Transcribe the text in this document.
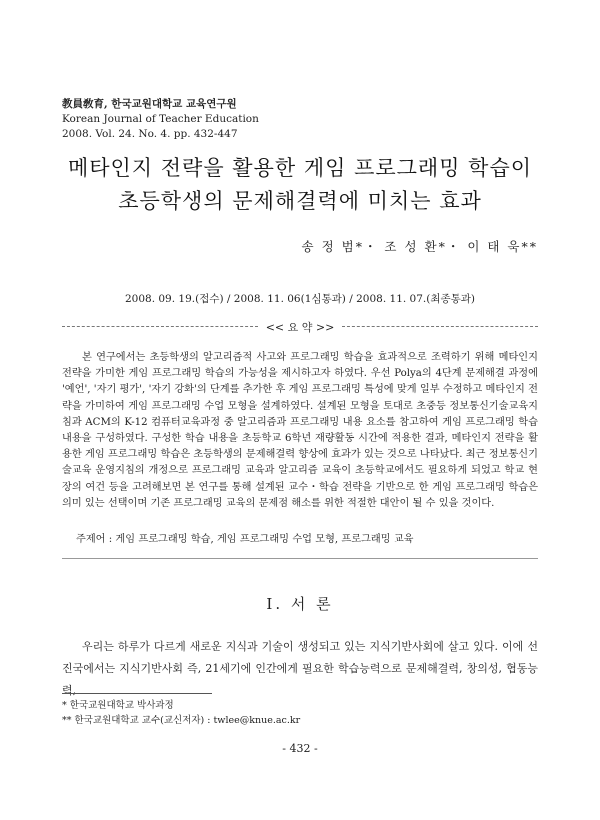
教員敎育, 한국교원대학교 교육연구원
Korean Journal of Teacher Education
2008. Vol. 24. No. 4. pp. 432-447
메타인지 전략을 활용한 게임 프로그래밍 학습이
초등학생의 문제해결력에 미치는 효과
송 정 범*・ 조 성 환*・ 이 태 욱**
2008. 09. 19.(접수) / 2008. 11. 06(1심통과) / 2008. 11. 07.(최종통과)
<< 요 약 >>

본 연구에서는 초등학생의 알고리즘적 사고와 프로그래밍 학습을 효과적으로 조력하기 위해 메타인지 전략을 가미한 게임 프로그래밍 학습의 가능성을 제시하고자 하였다. 우선 Polya의 4단계 문제해결 과정에 '예언', '자기 평가', '자기 강화'의 단계를 추가한 후 게임 프로그래밍 특성에 맞게 일부 수정하고 메타인지 전략을 가미하여 게임 프로그래밍 수업 모형을 설계하였다. 설계된 모형을 토대로 초중등 정보통신기술교육지침과 ACM의 K-12 컴퓨터교육과정 중 알고리즘과 프로그래밍 내용 요소를 참고하여 게임 프로그래밍 학습 내용을 구성하였다. 구성한 학습 내용을 초등학교 6학년 재량활동 시간에 적용한 결과, 메타인지 전략을 활용한 게임 프로그래밍 학습은 초등학생의 문제해결력 향상에 효과가 있는 것으로 나타났다. 최근 정보통신기술교육 운영지침의 개정으로 프로그래밍 교육과 알고리즘 교육이 초등학교에서도 필요하게 되었고 학교 현장의 여건 등을 고려해보면 본 연구를 통해 설계된 교수・학습 전략을 기반으로 한 게임 프로그래밍 학습은 의미 있는 선택이며 기존 프로그래밍 교육의 문제점 해소를 위한 적절한 대안이 될 수 있을 것이다.

주제어 : 게임 프로그래밍 학습, 게임 프로그래밍 수업 모형, 프로그래밍 교육
Ⅰ. 서 론

우리는 하루가 다르게 새로운 지식과 기술이 생성되고 있는 지식기반사회에 살고 있다. 이에 선진국에서는 지식기반사회 즉, 21세기에 인간에게 필요한 학습능력으로 문제해결력, 창의성, 협동능력,

* 한국교원대학교 박사과정
** 한국교원대학교 교수(교신저자) : twlee@knue.ac.kr
- 432 -
